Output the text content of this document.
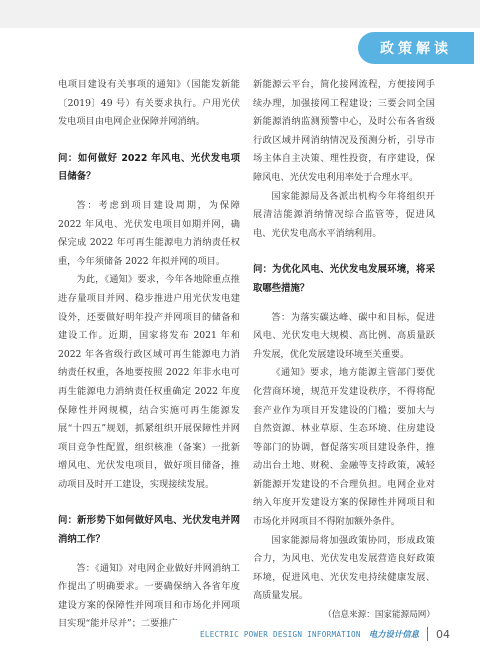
政策解读

电项目建设有关事项的通知》（国能发新能〔2019〕49 号）有关要求执行。户用光伏发电项目由电网企业保障并网消纳。

问：如何做好 2022 年风电、光伏发电项目储备？

答：考虑到项目建设周期，为保障 2022 年风电、光伏发电项目如期并网，确保完成 2022 年可再生能源电力消纳责任权重，今年须储备 2022 年拟并网的项目。

为此，《通知》要求，今年各地除重点推进存量项目并网、稳步推进户用光伏发电建设外，还要做好明年投产并网项目的储备和建设工作。近期，国家将发布 2021 年和 2022 年各省级行政区域可再生能源电力消纳责任权重，各地要按照 2022 年非水电可再生能源电力消纳责任权重确定 2022 年度保障性并网规模，结合实施可再生能源发展“十四五”规划，抓紧组织开展保障性并网项目竞争性配置，组织核准（备案）一批新增风电、光伏发电项目，做好项目储备，推动项目及时开工建设，实现接续发展。

问：新形势下如何做好风电、光伏发电并网消纳工作？

答：《通知》对电网企业做好并网消纳工作提出了明确要求。一要确保纳入各省年度建设方案的保障性并网项目和市场化并网项目实现“能并尽并”；二要推广

新能源云平台，简化接网流程，方便接网手续办理，加强接网工程建设；三要会同全国新能源消纳监测预警中心，及时公布各省级行政区域并网消纳情况及预测分析，引导市场主体自主决策、理性投资，有序建设，保障风电、光伏发电利用率处于合理水平。

国家能源局及各派出机构今年将组织开展清洁能源消纳情况综合监管等，促进风电、光伏发电高水平消纳利用。

问：为优化风电、光伏发电发展环境，将采取哪些措施？

答：为落实碳达峰、碳中和目标，促进风电、光伏发电大规模、高比例、高质量跃升发展，优化发展建设环境至关重要。

《通知》要求，地方能源主管部门要优化营商环境，规范开发建设秩序，不得将配套产业作为项目开发建设的门槛；要加大与自然资源、林业草原、生态环境、住房建设等部门的协调，督促落实项目建设条件，推动出台土地、财税、金融等支持政策，减轻新能源开发建设的不合理负担。电网企业对纳入年度开发建设方案的保障性并网项目和市场化并网项目不得附加额外条件。

国家能源局将加强政策协同，形成政策合力，为风电、光伏发电发展营造良好政策环境，促进风电、光伏发电持续健康发展、高质量发展。

（信息来源：国家能源局网）

ELECTRIC POWER DESIGN INFORMATION 电力设计信息 04
